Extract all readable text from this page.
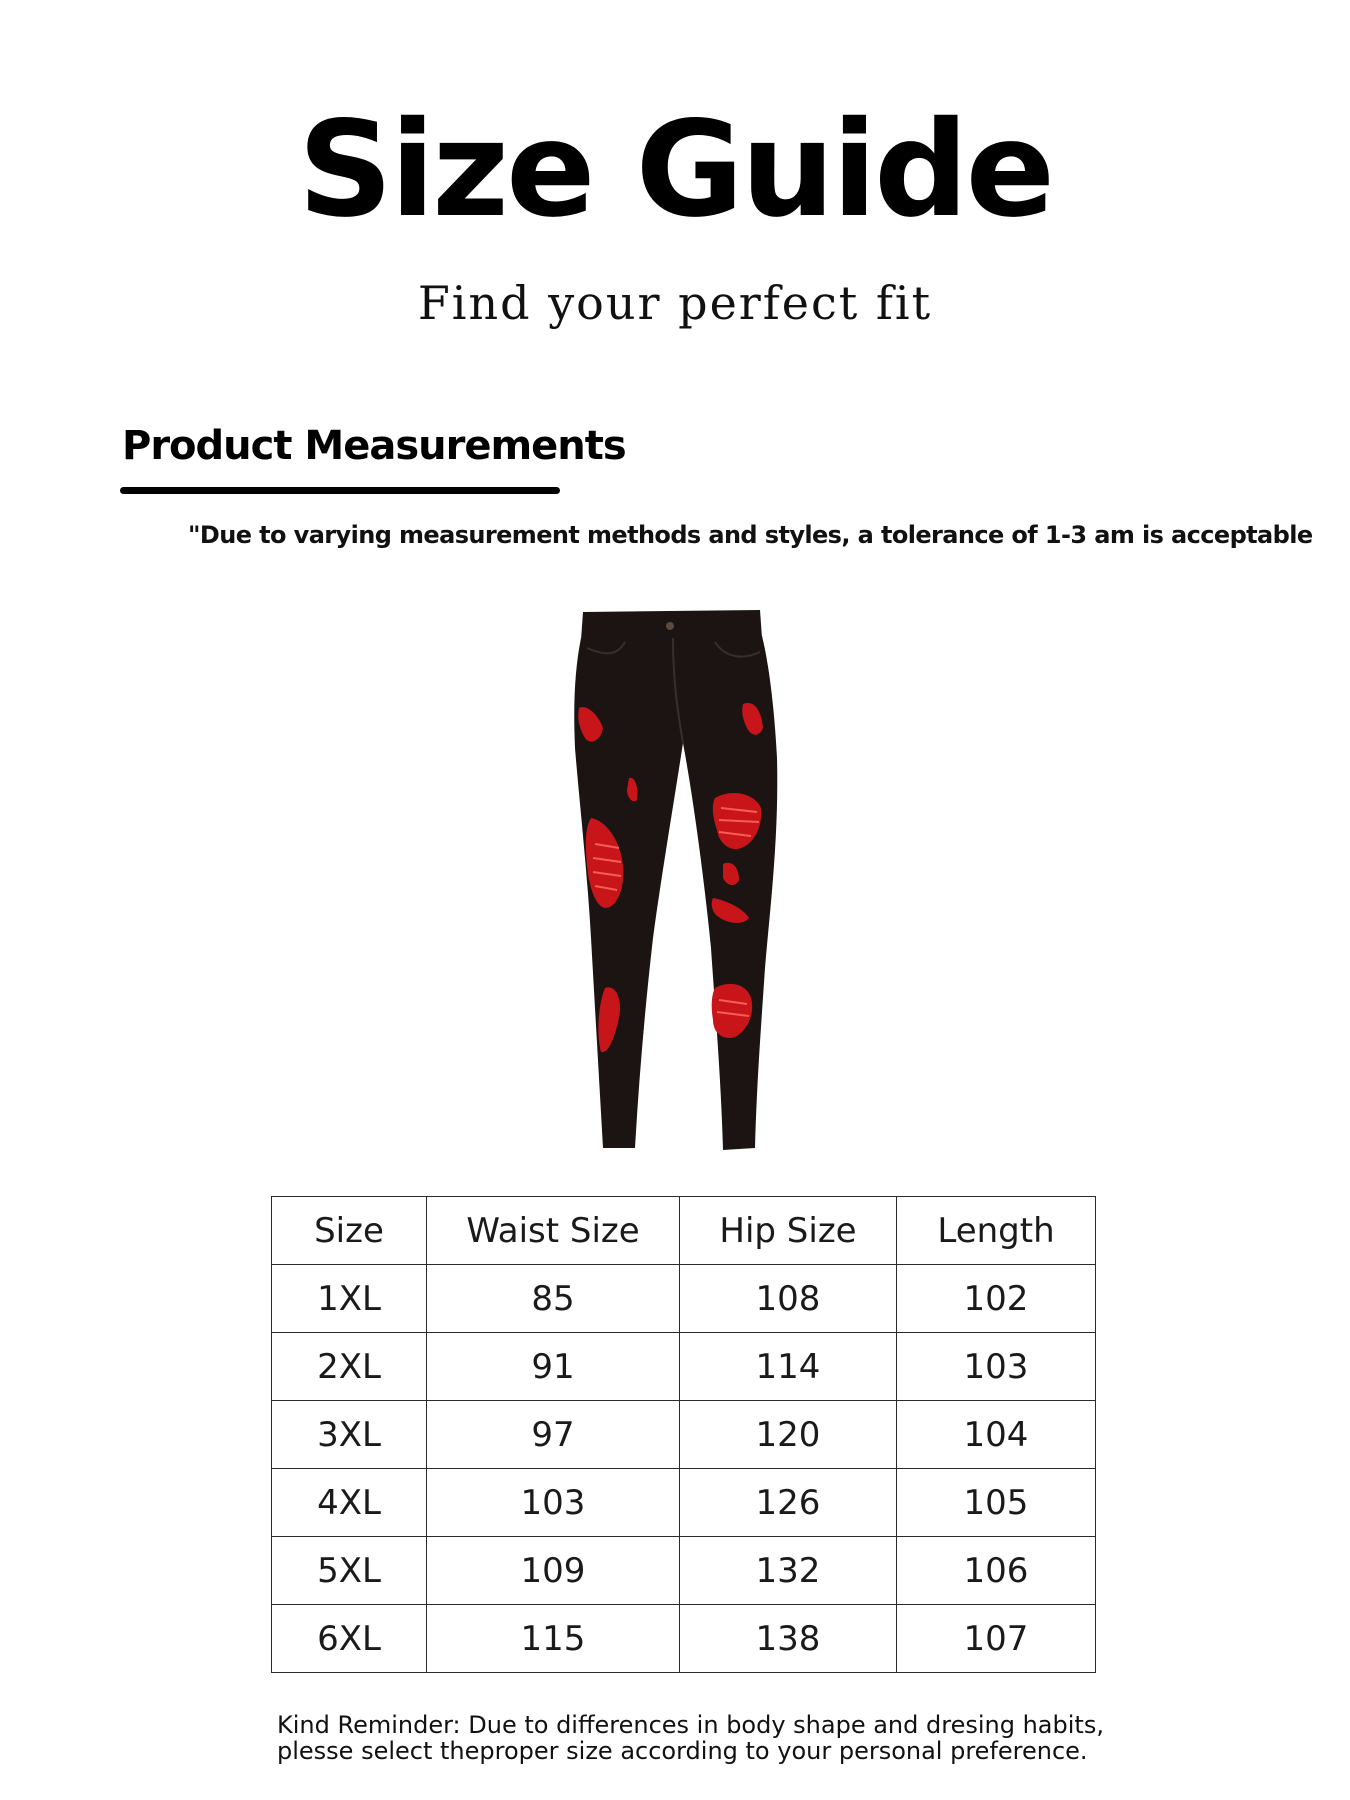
Size Guide
Find your perfect fit
Product Measurements
"Due to varying measurement methods and styles, a tolerance of 1-3 am is acceptable
Size	Waist Size	Hip Size	Length
1XL	85	108	102
2XL	91	114	103
3XL	97	120	104
4XL	103	126	105
5XL	109	132	106
6XL	115	138	107
Kind Reminder: Due to differences in body shape and dresing habits,
plesse select theproper size according to your personal preference.
